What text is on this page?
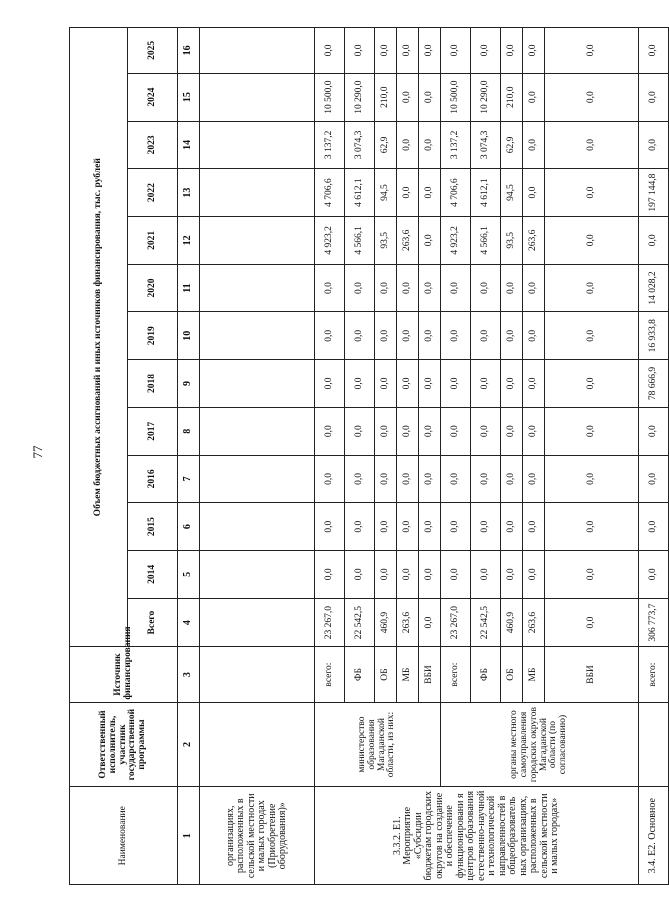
77
Наименование	Ответственный исполнитель, участник государственной программы	Источник финансирования	Объем бюджетных ассигнований и иных источников финансирования, тыс. рублей												
			Всего	2014	2015	2016	2017	2018	2019	2020	2021	2022	2023	2024	2025
1	2	3	4	5	6	7	8	9	10	11	12	13	14	15	16
организациях, расположенных в сельской местности и малых городах (Приобретение оборудования)»															
3.3.2. Е1. Мероприятие «Субсидии бюджетам городских округов на создание и обеспечение функционировани я центров образования естественно-научной и технологической направленностей в общеобразователь ных организациях, расположенных в сельской местности и малых городах»	министерство образования Магаданской области, из них:	всего:	23 267,0	0,0	0,0	0,0	0,0	0,0	0,0	0,0	4 923,2	4 706,6	3 137,2	10 500,0	0,0
		ФБ	22 542,5	0,0	0,0	0,0	0,0	0,0	0,0	0,0	4 566,1	4 612,1	3 074,3	10 290,0	0,0
		ОБ	460,9	0,0	0,0	0,0	0,0	0,0	0,0	0,0	93,5	94,5	62,9	210,0	0,0
		МБ	263,6	0,0	0,0	0,0	0,0	0,0	0,0	0,0	263,6	0,0	0,0	0,0	0,0
		ВБИ	0,0	0,0	0,0	0,0	0,0	0,0	0,0	0,0	0,0	0,0	0,0	0,0	0,0
	органы местного самоуправления городских округов Магаданской области (по согласованию)	всего:	23 267,0	0,0	0,0	0,0	0,0	0,0	0,0	0,0	4 923,2	4 706,6	3 137,2	10 500,0	0,0
		ФБ	22 542,5	0,0	0,0	0,0	0,0	0,0	0,0	0,0	4 566,1	4 612,1	3 074,3	10 290,0	0,0
		ОБ	460,9	0,0	0,0	0,0	0,0	0,0	0,0	0,0	93,5	94,5	62,9	210,0	0,0
		МБ	263,6	0,0	0,0	0,0	0,0	0,0	0,0	0,0	263,6	0,0	0,0	0,0	0,0
		ВБИ	0,0	0,0	0,0	0,0	0,0	0,0	0,0	0,0	0,0	0,0	0,0	0,0	0,0
3.4. Е2. Основное		всего:	306 773,7	0,0	0,0	0,0	0,0	78 666,9	16 933,8	14 028,2	0,0	197 144,8	0,0	0,0	0,0
